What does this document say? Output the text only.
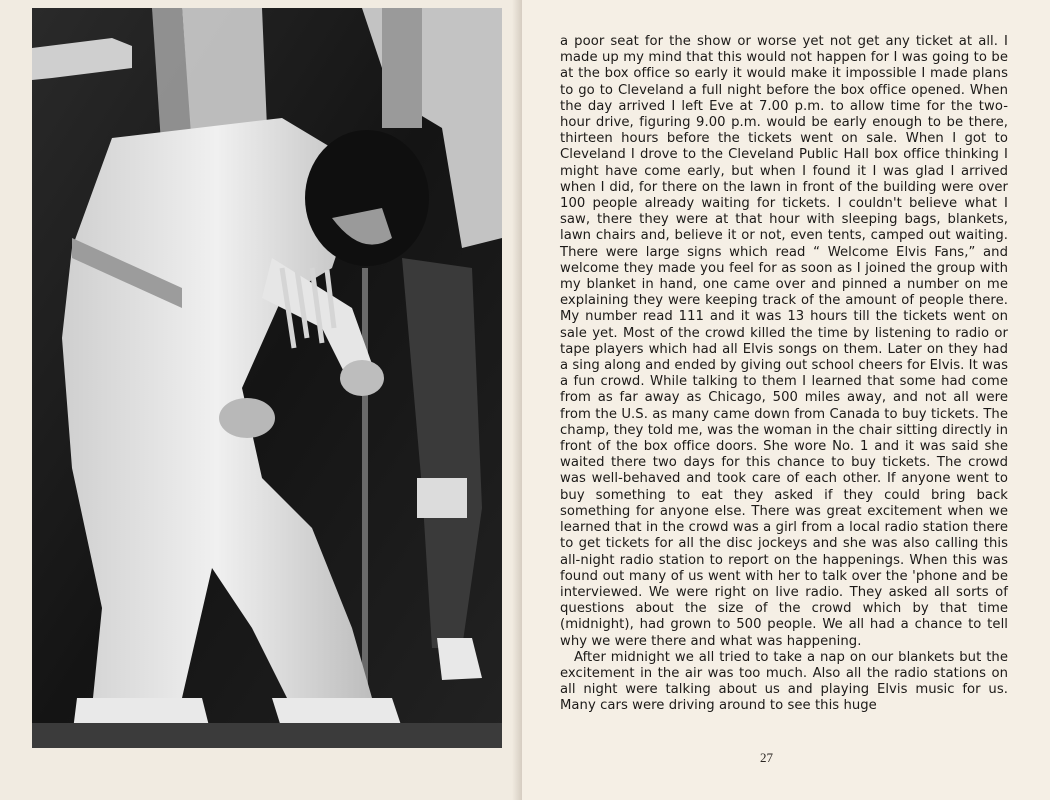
a poor seat for the show or worse yet not get any ticket at all. I made up my mind that this would not happen for I was going to be at the box office so early it would make it impossible I made plans to go to Cleveland a full night before the box office opened. When the day arrived I left Eve at 7.00 p.m. to allow time for the two-hour drive, figuring 9.00 p.m. would be early enough to be there, thirteen hours before the tickets went on sale. When I got to Cleveland I drove to the Cleveland Public Hall box office thinking I might have come early, but when I found it I was glad I arrived when I did, for there on the lawn in front of the building were over 100 people already waiting for tickets. I couldn't believe what I saw, there they were at that hour with sleeping bags, blankets, lawn chairs and, believe it or not, even tents, camped out waiting. There were large signs which read “ Welcome Elvis Fans,” and welcome they made you feel for as soon as I joined the group with my blanket in hand, one came over and pinned a number on me explaining they were keeping track of the amount of people there. My number read 111 and it was 13 hours till the tickets went on sale yet. Most of the crowd killed the time by listening to radio or tape players which had all Elvis songs on them. Later on they had a sing along and ended by giving out school cheers for Elvis. It was a fun crowd. While talking to them I learned that some had come from as far away as Chicago, 500 miles away, and not all were from the U.S. as many came down from Canada to buy tickets. The champ, they told me, was the woman in the chair sitting directly in front of the box office doors. She wore No. 1 and it was said she waited there two days for this chance to buy tickets. The crowd was well-behaved and took care of each other. If anyone went to buy something to eat they asked if they could bring back something for anyone else. There was great excitement when we learned that in the crowd was a girl from a local radio station there to get tickets for all the disc jockeys and she was also calling this all-night radio station to report on the happenings. When this was found out many of us went with her to talk over the 'phone and be interviewed. We were right on live radio. They asked all sorts of questions about the size of the crowd which by that time (midnight), had grown to 500 people. We all had a chance to tell why we were there and what was happening.

After midnight we all tried to take a nap on our blankets but the excitement in the air was too much. Also all the radio stations on all night were talking about us and playing Elvis music for us. Many cars were driving around to see this huge

27
